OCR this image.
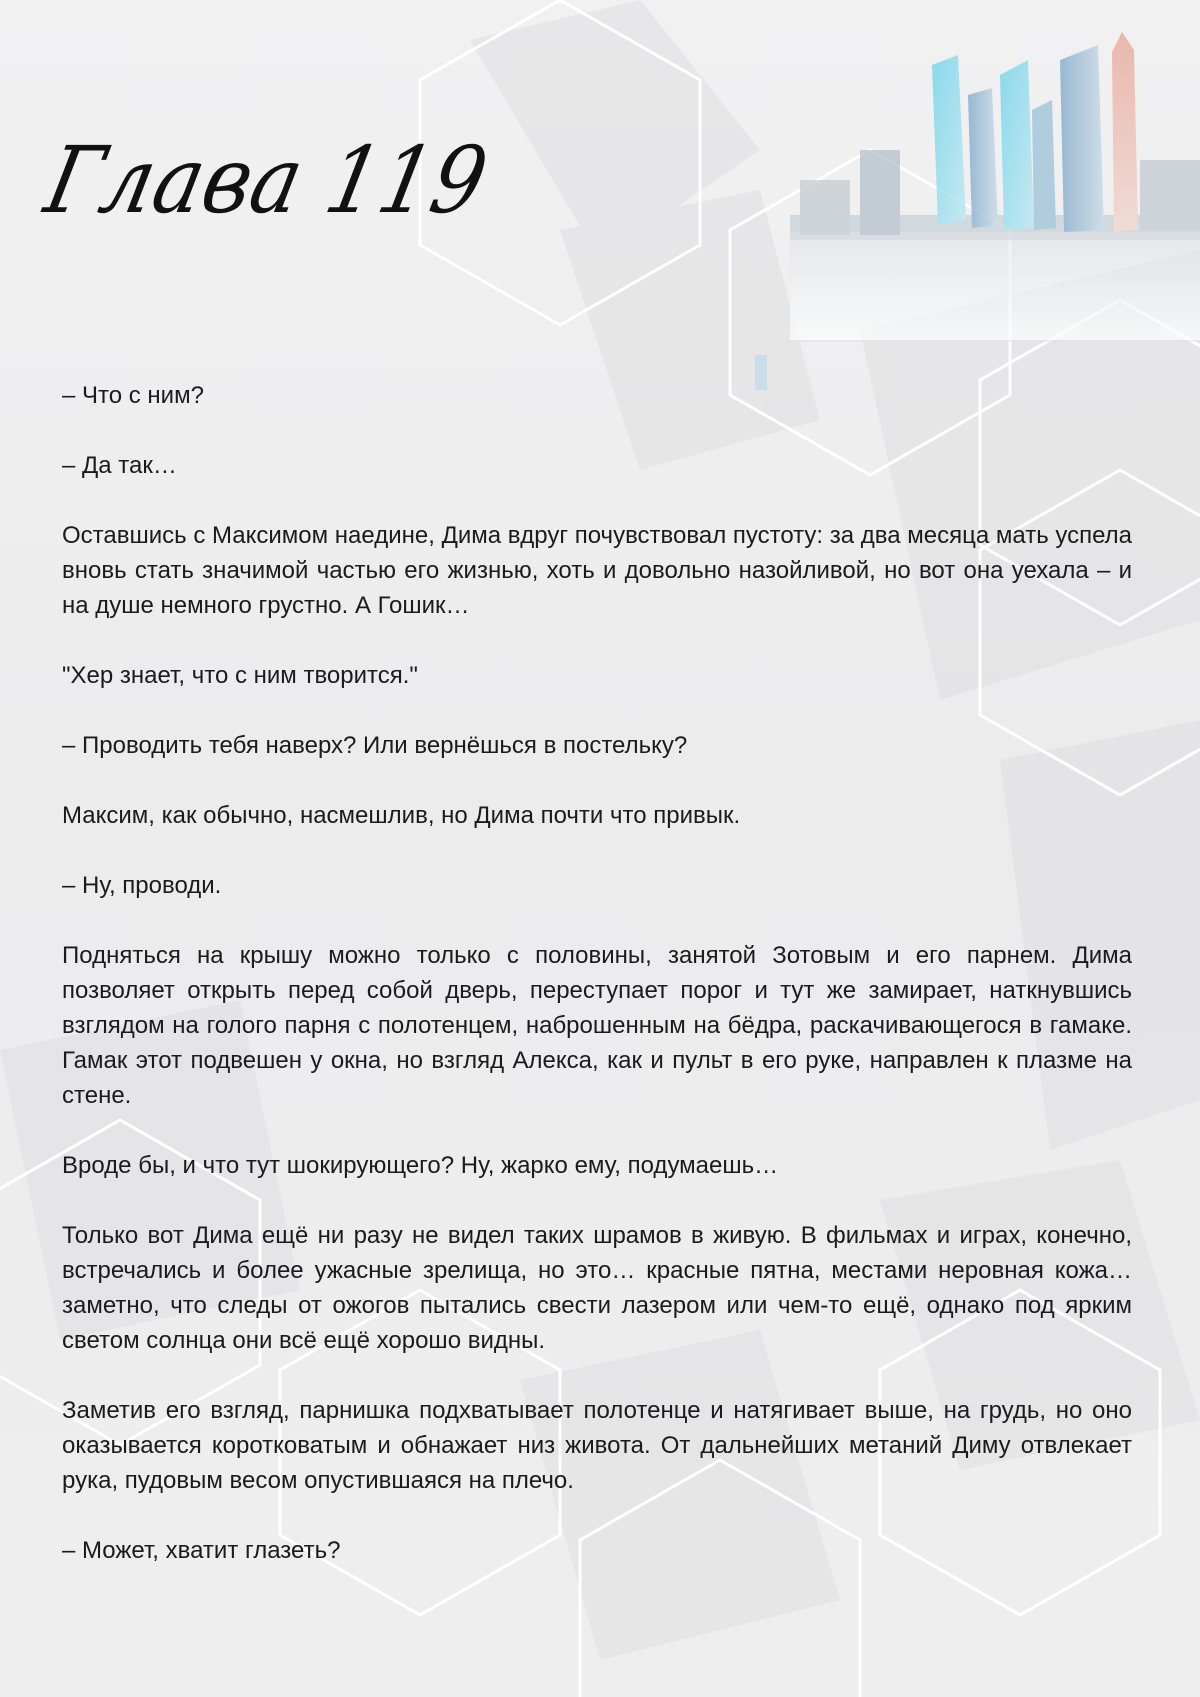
Глава 119

– Что с ним?

– Да так…

Оставшись с Максимом наедине, Дима вдруг почувствовал пустоту: за два месяца мать успела вновь стать значимой частью его жизнью, хоть и довольно назойливой, но вот она уехала – и на душе немного грустно. А Гошик…

"Хер знает, что с ним творится."

– Проводить тебя наверх? Или вернёшься в постельку?

Максим, как обычно, насмешлив, но Дима почти что привык.

– Ну, проводи.

Подняться на крышу можно только с половины, занятой Зотовым и его парнем. Дима позволяет открыть перед собой дверь, переступает порог и тут же замирает, наткнувшись взглядом на голого парня с полотенцем, наброшенным на бёдра, раскачивающегося в гамаке. Гамак этот подвешен у окна, но взгляд Алекса, как и пульт в его руке, направлен к плазме на стене.

Вроде бы, и что тут шокирующего? Ну, жарко ему, подумаешь…

Только вот Дима ещё ни разу не видел таких шрамов в живую. В фильмах и играх, конечно, встречались и более ужасные зрелища, но это… красные пятна, местами неровная кожа… заметно, что следы от ожогов пытались свести лазером или чем-то ещё, однако под ярким светом солнца они всё ещё хорошо видны.

Заметив его взгляд, парнишка подхватывает полотенце и натягивает выше, на грудь, но оно оказывается коротковатым и обнажает низ живота. От дальнейших метаний Диму отвлекает рука, пудовым весом опустившаяся на плечо.

– Может, хватит глазеть?
